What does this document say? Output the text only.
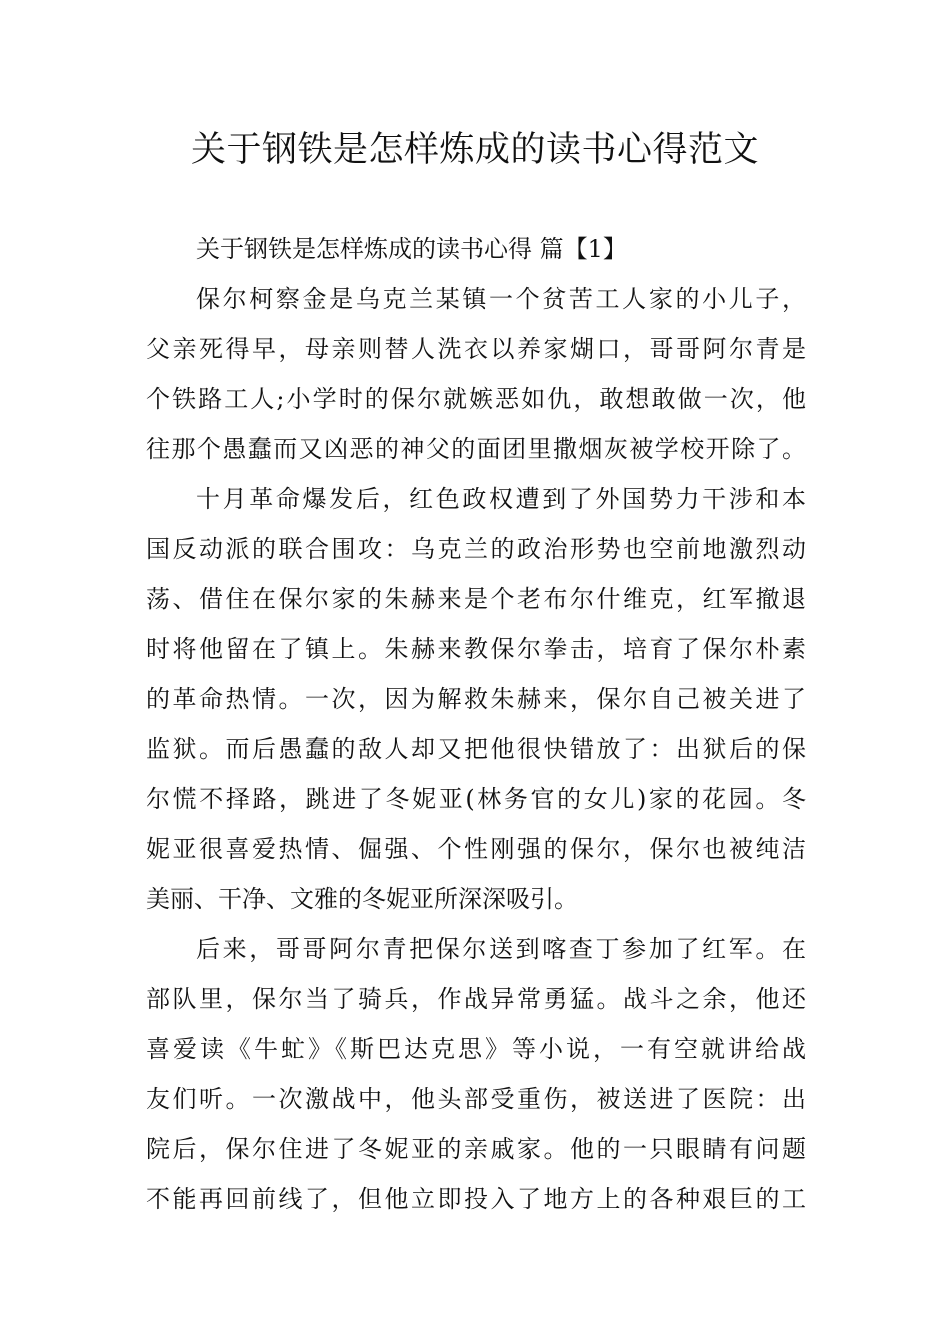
关于钢铁是怎样炼成的读书心得范文

关于钢铁是怎样炼成的读书心得 篇【1】

保尔柯察金是乌克兰某镇一个贫苦工人家的小儿子，

父亲死得早，母亲则替人洗衣以养家煳口，哥哥阿尔青是

个铁路工人;小学时的保尔就嫉恶如仇，敢想敢做一次，他

往那个愚蠢而又凶恶的神父的面团里撒烟灰被学校开除了。

十月革命爆发后，红色政权遭到了外国势力干涉和本

国反动派的联合围攻：乌克兰的政治形势也空前地激烈动

荡、借住在保尔家的朱赫来是个老布尔什维克，红军撤退

时将他留在了镇上。朱赫来教保尔拳击，培育了保尔朴素

的革命热情。一次，因为解救朱赫来，保尔自己被关进了

监狱。而后愚蠢的敌人却又把他很快错放了：出狱后的保

尔慌不择路，跳进了冬妮亚(林务官的女儿)家的花园。冬

妮亚很喜爱热情、倔强、个性刚强的保尔，保尔也被纯洁

美丽、干净、文雅的冬妮亚所深深吸引。

后来，哥哥阿尔青把保尔送到喀查丁参加了红军。在

部队里，保尔当了骑兵，作战异常勇猛。战斗之余，他还

喜爱读《牛虻》《斯巴达克思》等小说，一有空就讲给战

友们听。一次激战中，他头部受重伤，被送进了医院：出

院后，保尔住进了冬妮亚的亲戚家。他的一只眼睛有问题

不能再回前线了，但他立即投入了地方上的各种艰巨的工
